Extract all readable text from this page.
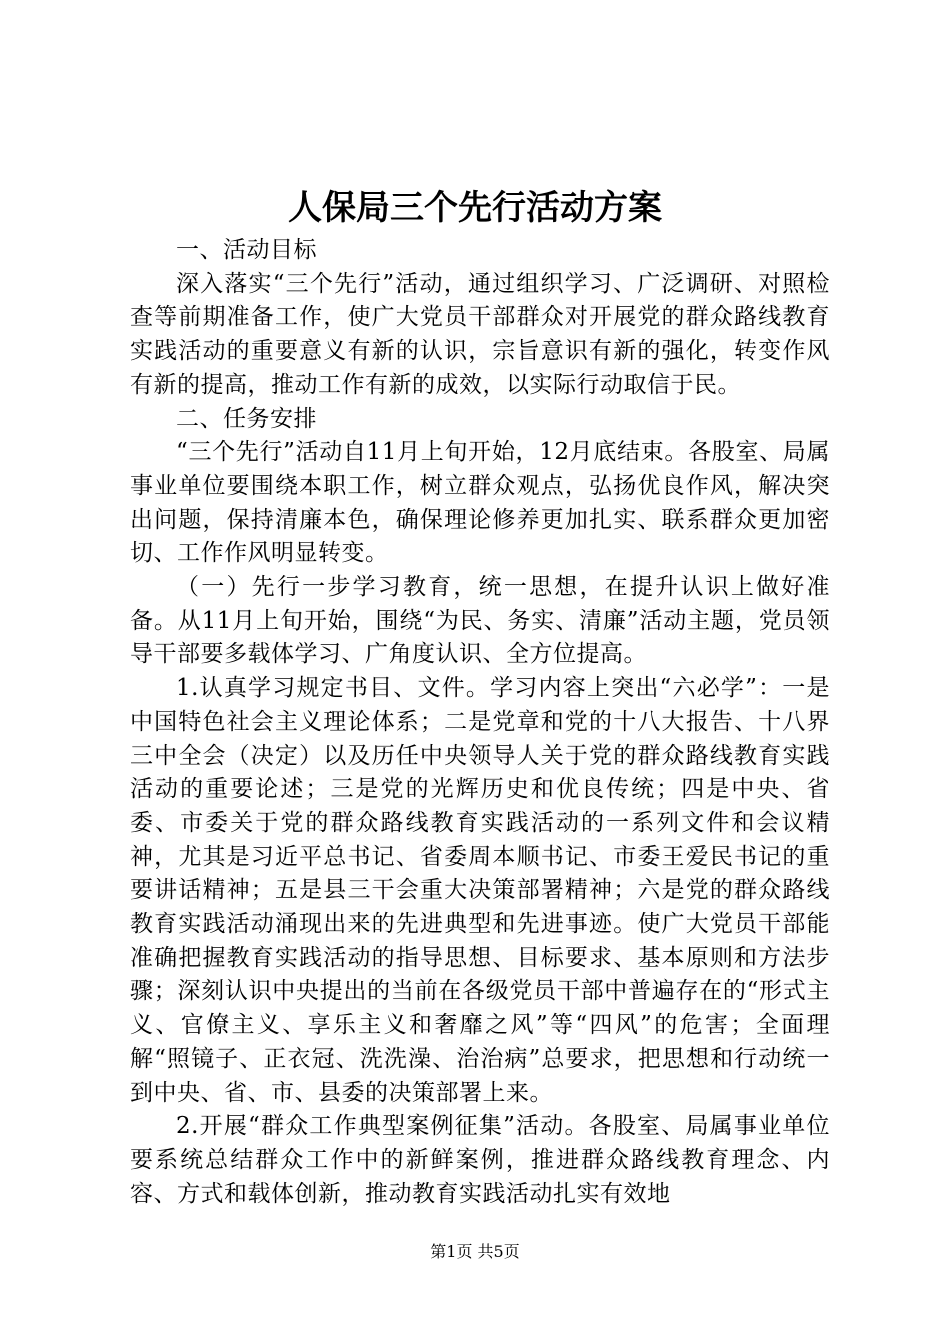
人保局三个先行活动方案

一、活动目标

深入落实“三个先行”活动，通过组织学习、广泛调研、对照检查等前期准备工作，使广大党员干部群众对开展党的群众路线教育实践活动的重要意义有新的认识，宗旨意识有新的强化，转变作风有新的提高，推动工作有新的成效，以实际行动取信于民。

二、任务安排

“三个先行”活动自11月上旬开始，12月底结束。各股室、局属事业单位要围绕本职工作，树立群众观点，弘扬优良作风，解决突出问题，保持清廉本色，确保理论修养更加扎实、联系群众更加密切、工作作风明显转变。

（一）先行一步学习教育，统一思想，在提升认识上做好准备。从11月上旬开始，围绕“为民、务实、清廉”活动主题，党员领导干部要多载体学习、广角度认识、全方位提高。

1.认真学习规定书目、文件。学习内容上突出“六必学”：一是中国特色社会主义理论体系；二是党章和党的十八大报告、十八界三中全会（决定）以及历任中央领导人关于党的群众路线教育实践活动的重要论述；三是党的光辉历史和优良传统；四是中央、省委、市委关于党的群众路线教育实践活动的一系列文件和会议精神，尤其是习近平总书记、省委周本顺书记、市委王爱民书记的重要讲话精神；五是县三干会重大决策部署精神；六是党的群众路线教育实践活动涌现出来的先进典型和先进事迹。使广大党员干部能准确把握教育实践活动的指导思想、目标要求、基本原则和方法步骤；深刻认识中央提出的当前在各级党员干部中普遍存在的“形式主义、官僚主义、享乐主义和奢靡之风”等“四风”的危害；全面理解“照镜子、正衣冠、洗洗澡、治治病”总要求，把思想和行动统一到中央、省、市、县委的决策部署上来。

2.开展“群众工作典型案例征集”活动。各股室、局属事业单位要系统总结群众工作中的新鲜案例，推进群众路线教育理念、内容、方式和载体创新，推动教育实践活动扎实有效地

第1页 共5页
